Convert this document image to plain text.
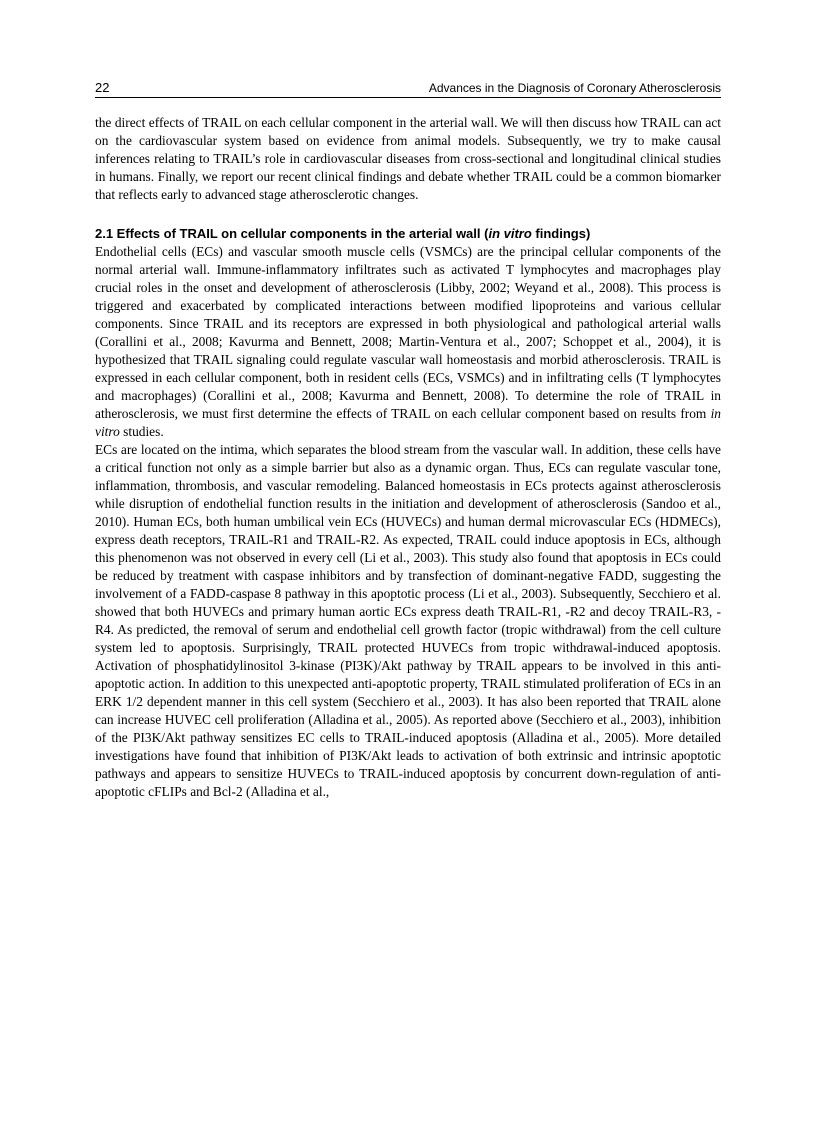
22	Advances in the Diagnosis of Coronary Atherosclerosis

the direct effects of TRAIL on each cellular component in the arterial wall. We will then discuss how TRAIL can act on the cardiovascular system based on evidence from animal models. Subsequently, we try to make causal inferences relating to TRAIL’s role in cardiovascular diseases from cross-sectional and longitudinal clinical studies in humans. Finally, we report our recent clinical findings and debate whether TRAIL could be a common biomarker that reflects early to advanced stage atherosclerotic changes.

2.1 Effects of TRAIL on cellular components in the arterial wall (in vitro findings)

Endothelial cells (ECs) and vascular smooth muscle cells (VSMCs) are the principal cellular components of the normal arterial wall. Immune-inflammatory infiltrates such as activated T lymphocytes and macrophages play crucial roles in the onset and development of atherosclerosis (Libby, 2002; Weyand et al., 2008). This process is triggered and exacerbated by complicated interactions between modified lipoproteins and various cellular components. Since TRAIL and its receptors are expressed in both physiological and pathological arterial walls (Corallini et al., 2008; Kavurma and Bennett, 2008; Martin-Ventura et al., 2007; Schoppet et al., 2004), it is hypothesized that TRAIL signaling could regulate vascular wall homeostasis and morbid atherosclerosis. TRAIL is expressed in each cellular component, both in resident cells (ECs, VSMCs) and in infiltrating cells (T lymphocytes and macrophages) (Corallini et al., 2008; Kavurma and Bennett, 2008). To determine the role of TRAIL in atherosclerosis, we must first determine the effects of TRAIL on each cellular component based on results from in vitro studies.

ECs are located on the intima, which separates the blood stream from the vascular wall. In addition, these cells have a critical function not only as a simple barrier but also as a dynamic organ. Thus, ECs can regulate vascular tone, inflammation, thrombosis, and vascular remodeling. Balanced homeostasis in ECs protects against atherosclerosis while disruption of endothelial function results in the initiation and development of atherosclerosis (Sandoo et al., 2010). Human ECs, both human umbilical vein ECs (HUVECs) and human dermal microvascular ECs (HDMECs), express death receptors, TRAIL-R1 and TRAIL-R2. As expected, TRAIL could induce apoptosis in ECs, although this phenomenon was not observed in every cell (Li et al., 2003). This study also found that apoptosis in ECs could be reduced by treatment with caspase inhibitors and by transfection of dominant-negative FADD, suggesting the involvement of a FADD-caspase 8 pathway in this apoptotic process (Li et al., 2003). Subsequently, Secchiero et al. showed that both HUVECs and primary human aortic ECs express death TRAIL-R1, -R2 and decoy TRAIL-R3, -R4. As predicted, the removal of serum and endothelial cell growth factor (tropic withdrawal) from the cell culture system led to apoptosis. Surprisingly, TRAIL protected HUVECs from tropic withdrawal-induced apoptosis. Activation of phosphatidylinositol 3-kinase (PI3K)/Akt pathway by TRAIL appears to be involved in this anti-apoptotic action. In addition to this unexpected anti-apoptotic property, TRAIL stimulated proliferation of ECs in an ERK 1/2 dependent manner in this cell system (Secchiero et al., 2003). It has also been reported that TRAIL alone can increase HUVEC cell proliferation (Alladina et al., 2005). As reported above (Secchiero et al., 2003), inhibition of the PI3K/Akt pathway sensitizes EC cells to TRAIL-induced apoptosis (Alladina et al., 2005). More detailed investigations have found that inhibition of PI3K/Akt leads to activation of both extrinsic and intrinsic apoptotic pathways and appears to sensitize HUVECs to TRAIL-induced apoptosis by concurrent down-regulation of anti-apoptotic cFLIPs and Bcl-2 (Alladina et al.,
